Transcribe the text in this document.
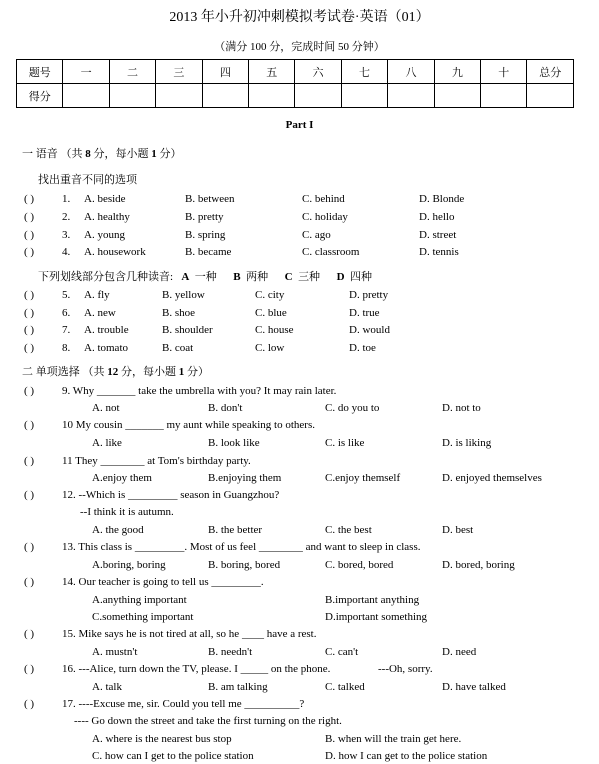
2013 年小升初冲刺模拟考试卷·英语（01）
（满分 100 分，完成时间 50 分钟）
题号	一	二	三	四	五	六	七	八	九	十	总分
得分											
Part I
一 语音 （共 8 分，每小题 1 分）
找出重音不同的选项
( )	1. A. beside	B. between	C. behind	D. Blonde
( )	2. A. healthy	B. pretty	C. holiday	D. hello
( )	3. A. young	B. spring	C. ago	D. street
( )	4. A. housework	B. became	C. classroom	D. tennis
下列划线部分包含几种读音: A 一种 B 两种 C 三种 D 四种
( )	5. A. fly	B. yellow	C. city	D. pretty
( )	6. A. new	B. shoe	C. blue	D. true
( )	7. A. trouble	B. shoulder	C. house	D. would
( )	8. A. tomato	B. coat	C. low	D. toe
二 单项选择 （共 12 分，每小题 1 分）
( )	9. Why _______ take the umbrella with you? It may rain later.
A. not	B. don't	C. do you to	D. not to
( )	10 My cousin _______ my aunt while speaking to others.
A. like	B. look like	C. is like	D. is liking
( )	11 They ________ at Tom's birthday party.
A.enjoy them	B.enjoying them	C.enjoy themself	D. enjoyed themselves
( )	12. --Which is _________ season in Guangzhou?
--I think it is autumn.
A. the good	B. the better	C. the best	D. best
( )	13. This class is _________. Most of us feel ________ and want to sleep in class.
A.boring, boring	B. boring, bored	C. bored, bored	D. bored, boring
( )	14. Our teacher is going to tell us _________.
A.anything important	B.important anything
C.something important	D.important something
( )	15. Mike says he is not tired at all, so he ____ have a rest.
A. mustn't	B. needn't	C. can't	D. need
( )	16. ---Alice, turn down the TV, please. I _____ on the phone.	---Oh, sorry.
A. talk	B. am talking	C. talked	D. have talked
( )	17. ----Excuse me, sir. Could you tell me __________?
---- Go down the street and take the first turning on the right.
A. where is the nearest bus stop	B. when will the train get here.
C. how can I get to the police station	D. how I can get to the police station
